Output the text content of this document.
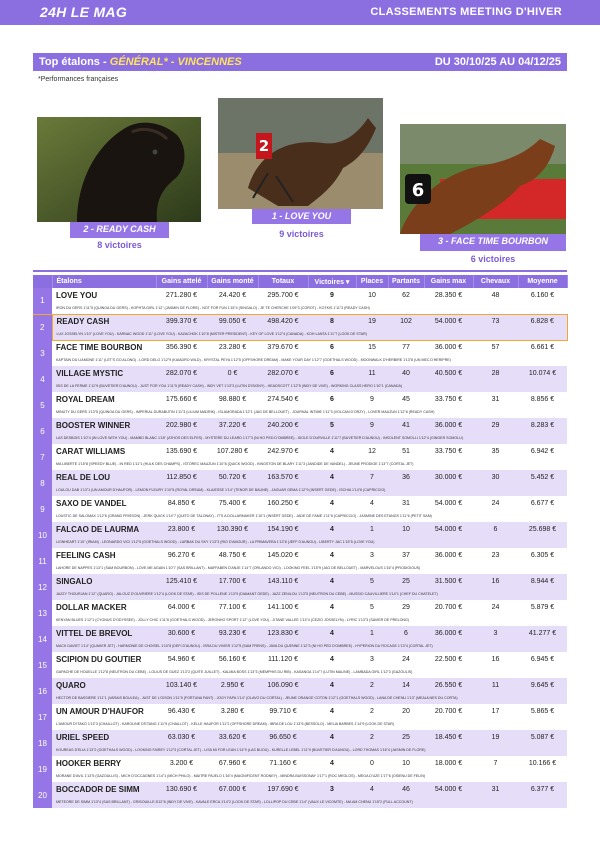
24H LE MAG	CLASSEMENTS MEETING D'HIVER
Top étalons - GÉNÉRAL* - VINCENNES	DU 30/10/25 AU 04/12/25
*Performances françaises
2 - READY CASH
8 victoires
2
1 - LOVE YOU
9 victoires
6
3 - FACE TIME BOURBON
6 victoires
	Étalons	Gains attelé	Gains monté	Totaux	Victoires ▾	Places	Partants	Gains max	Chevaux	Moyenne
1	LOVE YOU	271.280 €	24.420 €	295.700 €	9	10	62	28.350 €	48	6.160 €
	IRON DU GERS 1'11"5 (QUINOA DU GERS) - KOPHTA GIRL 1'12" (JASMIN DE FLORE) - NOT FOR FUN 1'15"4 (SINGALO) - JE TE CHERCHE 1'09"3 (COROT) - KOTKIS 1'11"3 (READY CASH)									
2	READY CASH	399.370 €	99.050 €	498.420 €	8	19	102	54.000 €	73	6.828 €
	LUX JOSSELYN 1'10" (LOVE YOU) - KARNAC WOOD 1'11" (LOVE YOU) - KAZACHOK 1'10"8 (MISTER PRESIDENT) - KEY OF LOVE 1'12"4 (CANADA) - KOH LANTA 1'11"7 (LOOK DE STAR)									
3	FACE TIME BOURBON	356.390 €	23.280 €	379.670 €	6	15	77	36.000 €	57	6.661 €
	KAPTAIN DU LIAMONE 1'11" (LET'S GO ALONG) - LORD DELO 1'12"9 (KAIADRO WILD) - KRYSTAL PEYA 1'12"5 (OFFSHORE DREAM) - MAKE YOUR DAY 1'12"7 (GOETHALS WOOD) - MOONWALK D'HERBIRE 1'13"8 (UN MEC D'HERIPRE)									
4	VILLAGE MYSTIC	282.070 €	0 €	282.070 €	6	11	40	40.500 €	28	10.074 €
	ISIS DE LA FERME 1'11"9 (BUVETIER D'AUNOU) - JUST FOR YOU 1'11"5 (READY CASH) - INDY VET 1'13"3 (LUTIN D'ISIGNY) - HEADSCOTT 1'12"5 (INDY DE VIVE) - WORKING CLASS HERO 1'10"1 (CANADA)									
5	ROYAL DREAM	175.660 €	98.880 €	274.540 €	6	9	45	33.750 €	31	8.856 €
	MINUTY DU GERS 1'13"5 (QUINOA DU GERS) - IMPERIAL DURABUTIN 1'11"3 (LILIUM MADRIK) - ISLAMORADA 1'12"1 (JAG DE BELLOUET) - JOURNAL INTIME 1'11"3 (VOLCAN D'ORZY) - LOVER MAUZUN 1'12"6 (READY CASH)									
6	BOOSTER WINNER	202.980 €	37.220 €	240.200 €	5	9	41	36.000 €	29	8.283 €
	LAS DESBOIS 1'10"4 (IN LOVE WITH YOU) - MAMBO BLANC 1'18" (ATHOS DES ELFES) - MYSTERE DU LEARD 1'17"3 (NI HO PED D'OMBREE) - IDOLE D'OURVILLE 1'11"7 (BUVETIER D'AUNOU) - INSOLENT SOMOLLI 1'12"4 (GINGER SOMOLLI)									
7	CARAT WILLIAMS	135.690 €	107.280 €	242.970 €	4	12	51	33.750 €	35	6.942 €
	MA LIBERTE 1'15"8 (SPEEDY BLUE) - IN RED 1'11"1 (HULK DES CHAMPS) - ISTOREC MAUZUN 1'10"8 (QUICK WOOD) - KINGSTON DE BLARY 1'11"3 (JANDIDE DE VANDEL) - JEUNE PRODIGE 1'13"7 (CORTAL JET)									
8	REAL DE LOU	112.850 €	50.720 €	163.570 €	4	7	36	30.000 €	30	5.452 €
	LOULOU DAB 1'13"1 (UN AMOUR D'HAUFOR) - LEMON FLEURY 1'10"5 (ROYAL DREAM) - KLAIESSE 1'14" (TENOR DE BAUNE) - JAGUAR GEMA 1'12"9 (INSERT GEDE) - ISCHIA 1'14"8 (CAPRICCIO)									
9	SAXO DE VANDEL	84.850 €	75.400 €	160.250 €	4	4	31	54.000 €	24	6.677 €
	LOUSTIC DE SALOMAX 1'12"6 (GRAND FRISSON) - JERK QUICK 1'14"7 (QUITO DE TALONAY) - IT'S A DOLLARMAKER 1'10"1 (INSERT GEDE) - JADE DE FAME 1'11"6 (CAPRICCIO) - JASMINE DES ETANGS 1'11"6 (PETIT SAM)									
10	FALCAO DE LAURMA	23.800 €	130.390 €	154.190 €	4	1	10	54.000 €	6	25.698 €
	LIONHEART 1'10" (IRIAM) - LEONARDO VICI 1'12"5 (GOETHALS WOOD) - LARBAK DU SKY 1'13"3 (RIO D'AMOUR) - LA PRIMAVERA 1'13"8 (JEFF D'AUNOU) - LIBERTY JAC 1'15"5 (LOVE YOU)									
11	FEELING CASH	96.270 €	48.750 €	145.020 €	4	3	37	36.000 €	23	6.305 €
	LAHORE DE NAPPES 1'13"1 (SAM BOURBON) - LOVE ME AGAIN 1'10"7 (SAS BRILLANT) - MAFFABEN D'ANJE 1'14"7 (ORLANDO VICI) - LOOKING FEEL 1'15"9 (JAG DE BELLOUET) - MARVELOUS 1'16"4 (PRODIGIOUS)									
12	SINGALO	125.410 €	17.700 €	143.110 €	4	5	25	31.500 €	16	8.944 €
	JAZZY THOURJAN 1'12" (QUARO) - JALOUZ D'OUVRIERE 1'12"4 (LOOK DE STAR) - ISIS DE POLLENE 1'13"9 (DIAMANT GEDE) - JAZZ ZENILOU 1'13"5 (NEUTRON DU CEBE) - MUSSIO CAUVILLIERE 1'14"1 (CHEF DU CHATELET)									
13	DOLLAR MACKER	64.000 €	77.100 €	141.100 €	4	5	29	20.700 €	24	5.879 €
	KENYAN BLUES 1'12"1 (CYGNUS D'ODYSSEE) - JOLLY CHIC 1'11"6 (GOETHALS WOOD) - JERONHO SPORT 1'12" (LOVE YOU) - JITANE VALLEE 1'13"4 (CEZIO JOSSELYN) - LYRIC 1'13"3 (SAVIER DE PRELONG)									
14	VITTEL DE BREVOL	30.600 €	93.230 €	123.830 €	4	1	6	36.000 €	3	41.277 €
	MACK DAVIET 1'14" (QUAKER JET) - HARMONIE DE CHOISEL 1'10"8 (DEFI D'AUNOU) - ISRA DU VIVIER 1'12"5 (SAM FRENS) - JAVA DU QUENNE 1'12"3 (NI HO PED D'OMBREE) - HYPERION DU ROCAGE 1'13"4 (CORTAL JET)									
15	SCIPION DU GOUTIER	54.960 €	56.160 €	111.120 €	4	3	24	22.500 €	16	6.945 €
	GAPACHE DE HOUELLE 1'12"8 (NEUTRON DU CEBE) - LOLIUS DE GUEZ 1'13"2 (QUITE JUILLET) - KALMIA BOSS 1'13"3 (MEMPHIS DU RIB) - KASANGA 1'14"7 (LUTIN MALINE) - LAMBADA GIRL 1'12"3 (GAZOULIS)									
16	QUARO	103.140 €	2.950 €	106.090 €	4	2	14	26.550 €	11	9.645 €
	HECTOR DE BASSIERE 1'11"1 (VARAIS BOULEA) - JUST DE L'OISON 1'11"5 (FORTUNA FANT) - JOGY FAPA 1'14" (OLAVO DU CORTAL) - JEUNE ORANGE COTON 1'12"1 (GOETHALS WOOD) - LANA DE CHENU 1'13" (MEAULNES DU CORTA)									
17	UN AMOUR D'HAUFOR	96.430 €	3.280 €	99.710 €	4	2	20	20.700 €	17	5.865 €
	L'AMOUR D'ITAKO 1'13"3 (CHAILLOT) - KAROLINE D'ETANG 1'11"9 (CHAILLOT) - KELLE HAUFOR 1'11"2 (OFFSHORE DREAM) - IBRA DE LOU 1'13"6 (BESSOLO) - MELIA BARBES 1'14"9 (LOOK DE STAR)									
18	URIEL SPEED	63.030 €	33.620 €	96.650 €	4	2	25	18.450 €	19	5.087 €
	KOUREAS D'ELIA 1'13"2 (GOETHALS WOOD) - LOOKING FAIREY 1'12"3 (CORTAL JET) - LISA MI FOR LEAN 1'14"9 (LAS BIJOU) - KURELLE LEBEL 1'11"9 (BUVETIER D'AUNOU) - LORD THOMAS 1'16"4 (JASMIN DE FLORE)									
19	HOOKER BERRY	3.200 €	67.960 €	71.160 €	4	0	10	18.000 €	7	10.166 €
	MORANE D'AVIL 1'13"5 (GAZOULLIS) - MICH D'OCCAGNES 1'14"1 (MICH PHILO) - MAITRE PAJELO 1'16"4 (MAGNIFICENT RODNEY) - MINDRA BUISSONAY 1'17"1 (ROC MEGLOS) - MEGA D'UZE 1'17"6 (OSIENU DE FELIN)									
20	BOCCADOR DE SIMM	130.690 €	67.000 €	197.690 €	3	4	46	54.000 €	31	6.377 €
	METEORE DE SIMM 1'13"4 (SAS BRILLANT) - GRISOUILLE 8'12"8 (INDY DE VIVE) - KAVALE ERCA 1'14"2 (LOOK DE STAR) - LOLLIPOP DU CEBE 1'14" (VAUX LE VICOMTE) - MA AM CHENU 1'15"2 (FULL ACCOUNT)									
